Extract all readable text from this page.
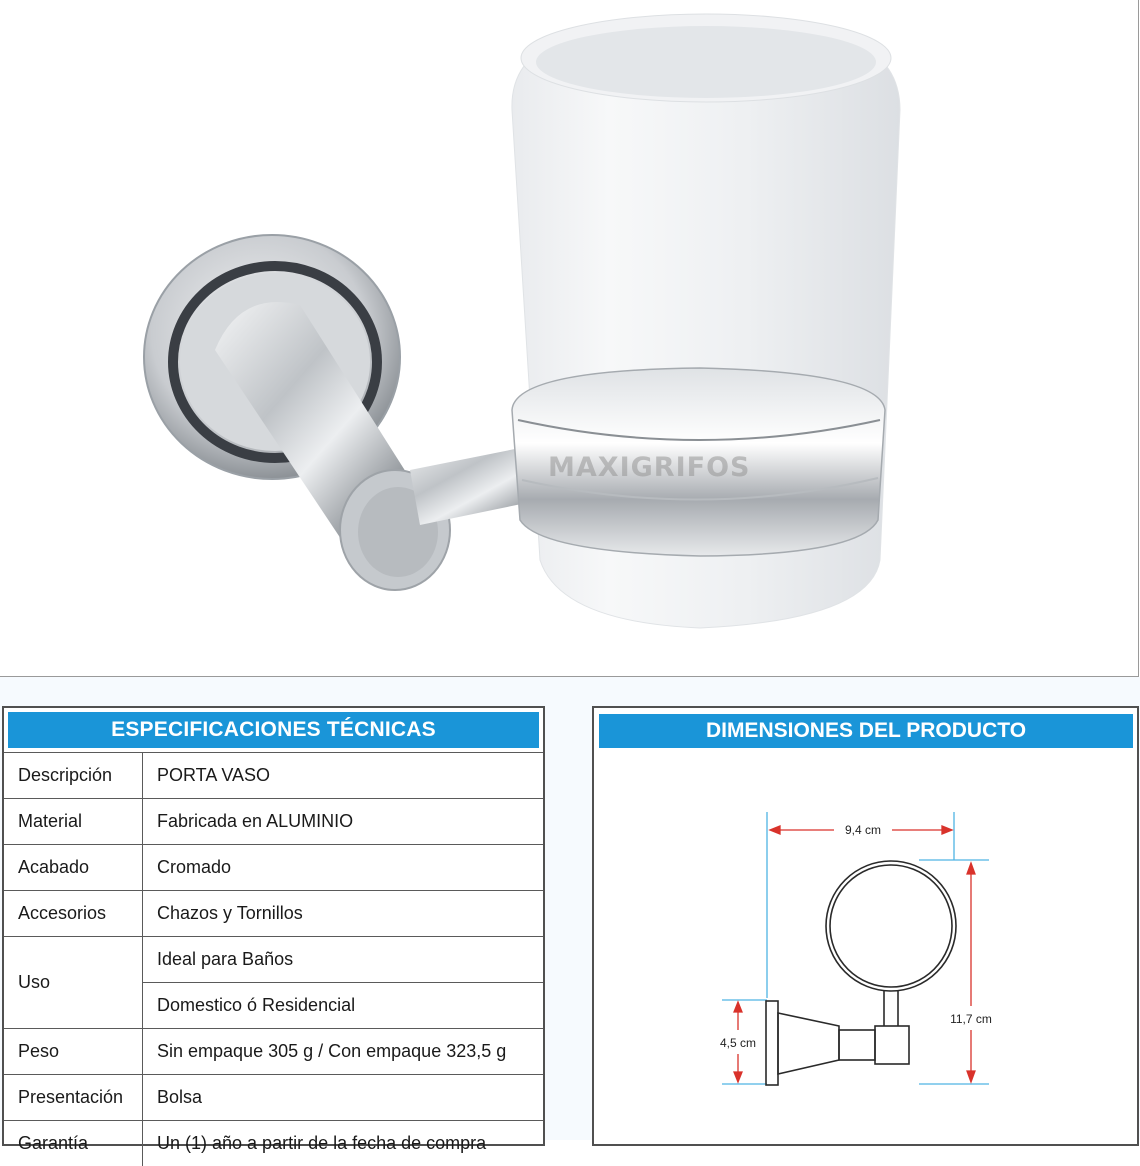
MAXIGRIFOS
ESPECIFICACIONES TÉCNICAS
Descripción	PORTA VASO
Material	Fabricada en ALUMINIO
Acabado	Cromado
Accesorios	Chazos y Tornillos
Uso	Ideal para Baños
	Domestico ó Residencial
Peso	Sin empaque 305 g / Con empaque 323,5 g
Presentación	Bolsa
Garantía	Un (1) año a partir de la fecha de compra
DIMENSIONES DEL PRODUCTO
9,4 cm
11,7 cm
4,5 cm
